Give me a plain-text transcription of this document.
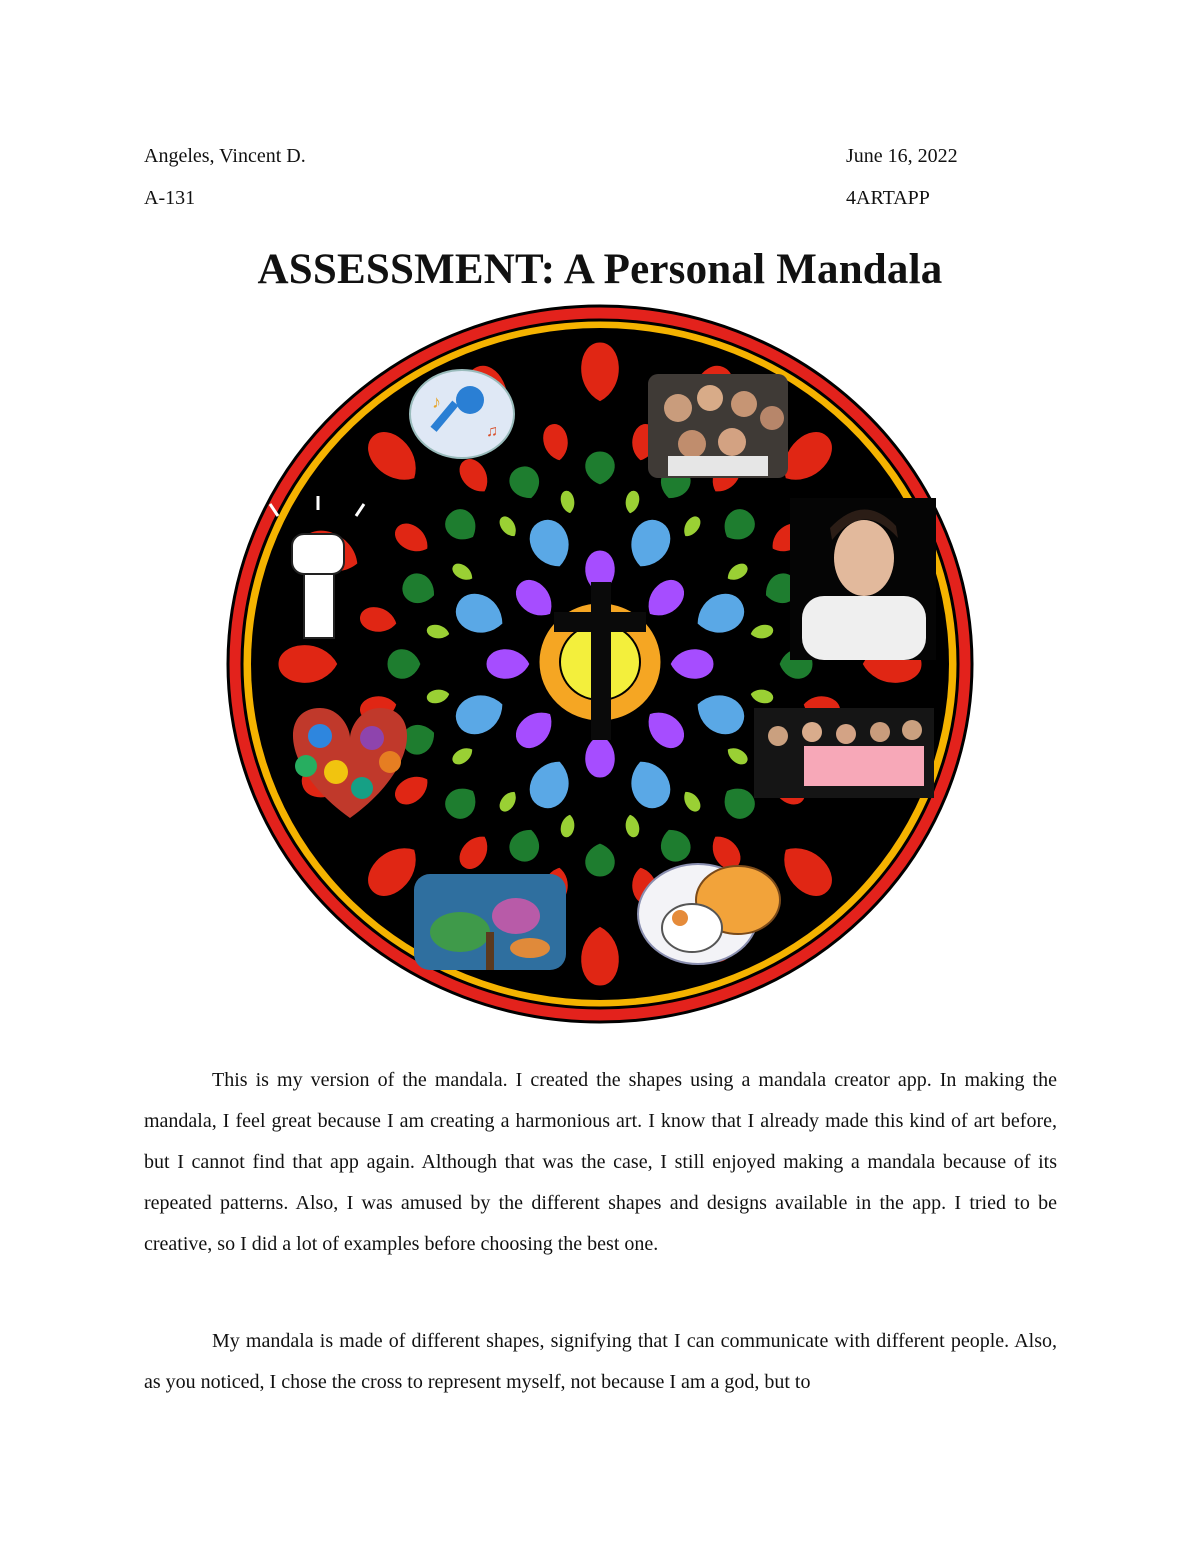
Angeles, Vincent D.
A-131
June 16, 2022
4ARTAPP
ASSESSMENT: A Personal Mandala
♪
♫

This is my version of the mandala. I created the shapes using a mandala creator app. In making the mandala, I feel great because I am creating a harmonious art. I know that I already made this kind of art before, but I cannot find that app again. Although that was the case, I still enjoyed making a mandala because of its repeated patterns. Also, I was amused by the different shapes and designs available in the app. I tried to be creative, so I did a lot of examples before choosing the best one.

My mandala is made of different shapes, signifying that I can communicate with different people. Also, as you noticed, I chose the cross to represent myself, not because I am a god, but to
